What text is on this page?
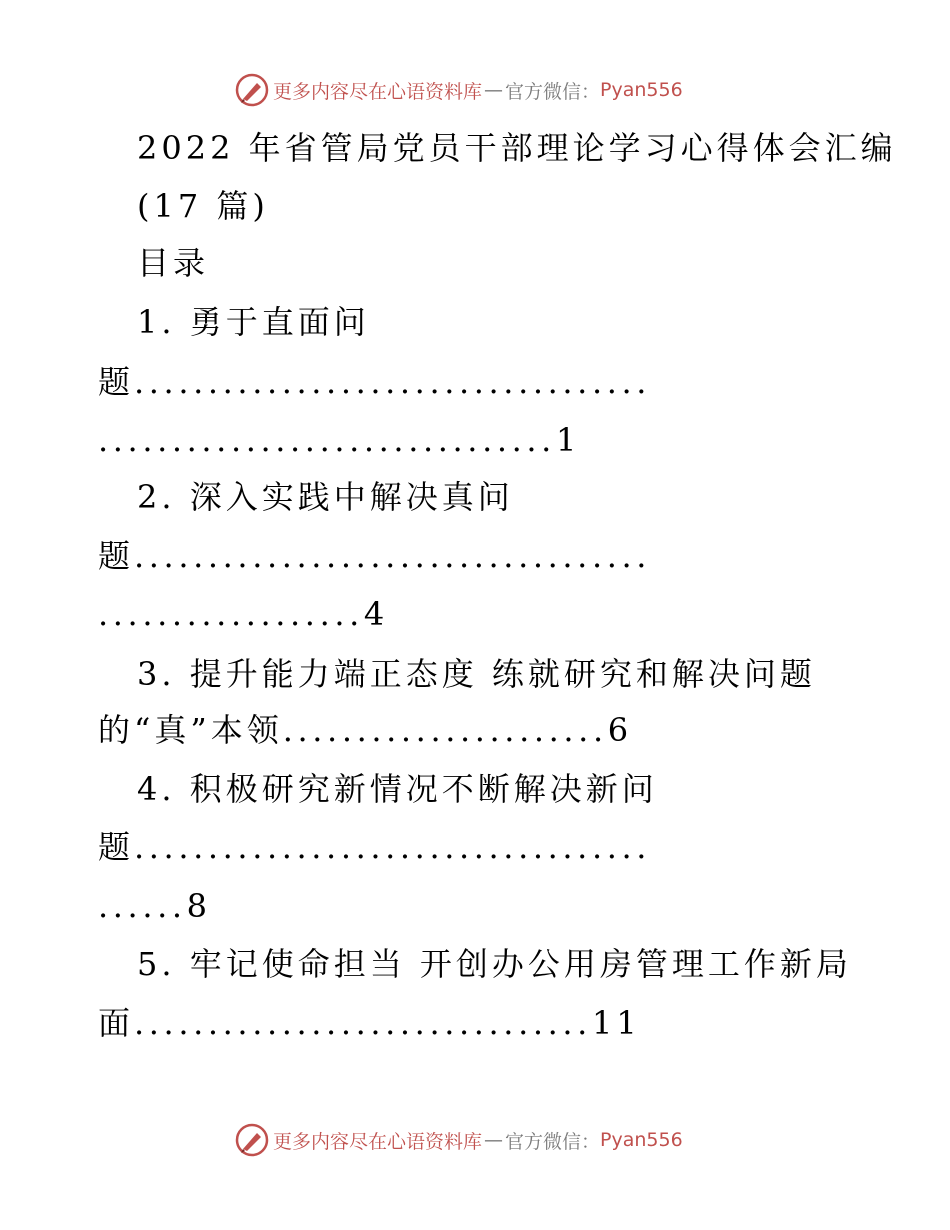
更多内容尽在心语资料库 — 官方微信： Pyan556
2022 年省管局党员干部理论学习心得体会汇编
(17 篇)
目录
1. 勇于直面问
题...................................
...............................1
2. 深入实践中解决真问
题...................................
..................4
3. 提升能力端正态度 练就研究和解决问题
的“真”本领......................6
4. 积极研究新情况不断解决新问
题...................................
......8
5. 牢记使命担当 开创办公用房管理工作新局
面...............................11
更多内容尽在心语资料库 — 官方微信： Pyan556
